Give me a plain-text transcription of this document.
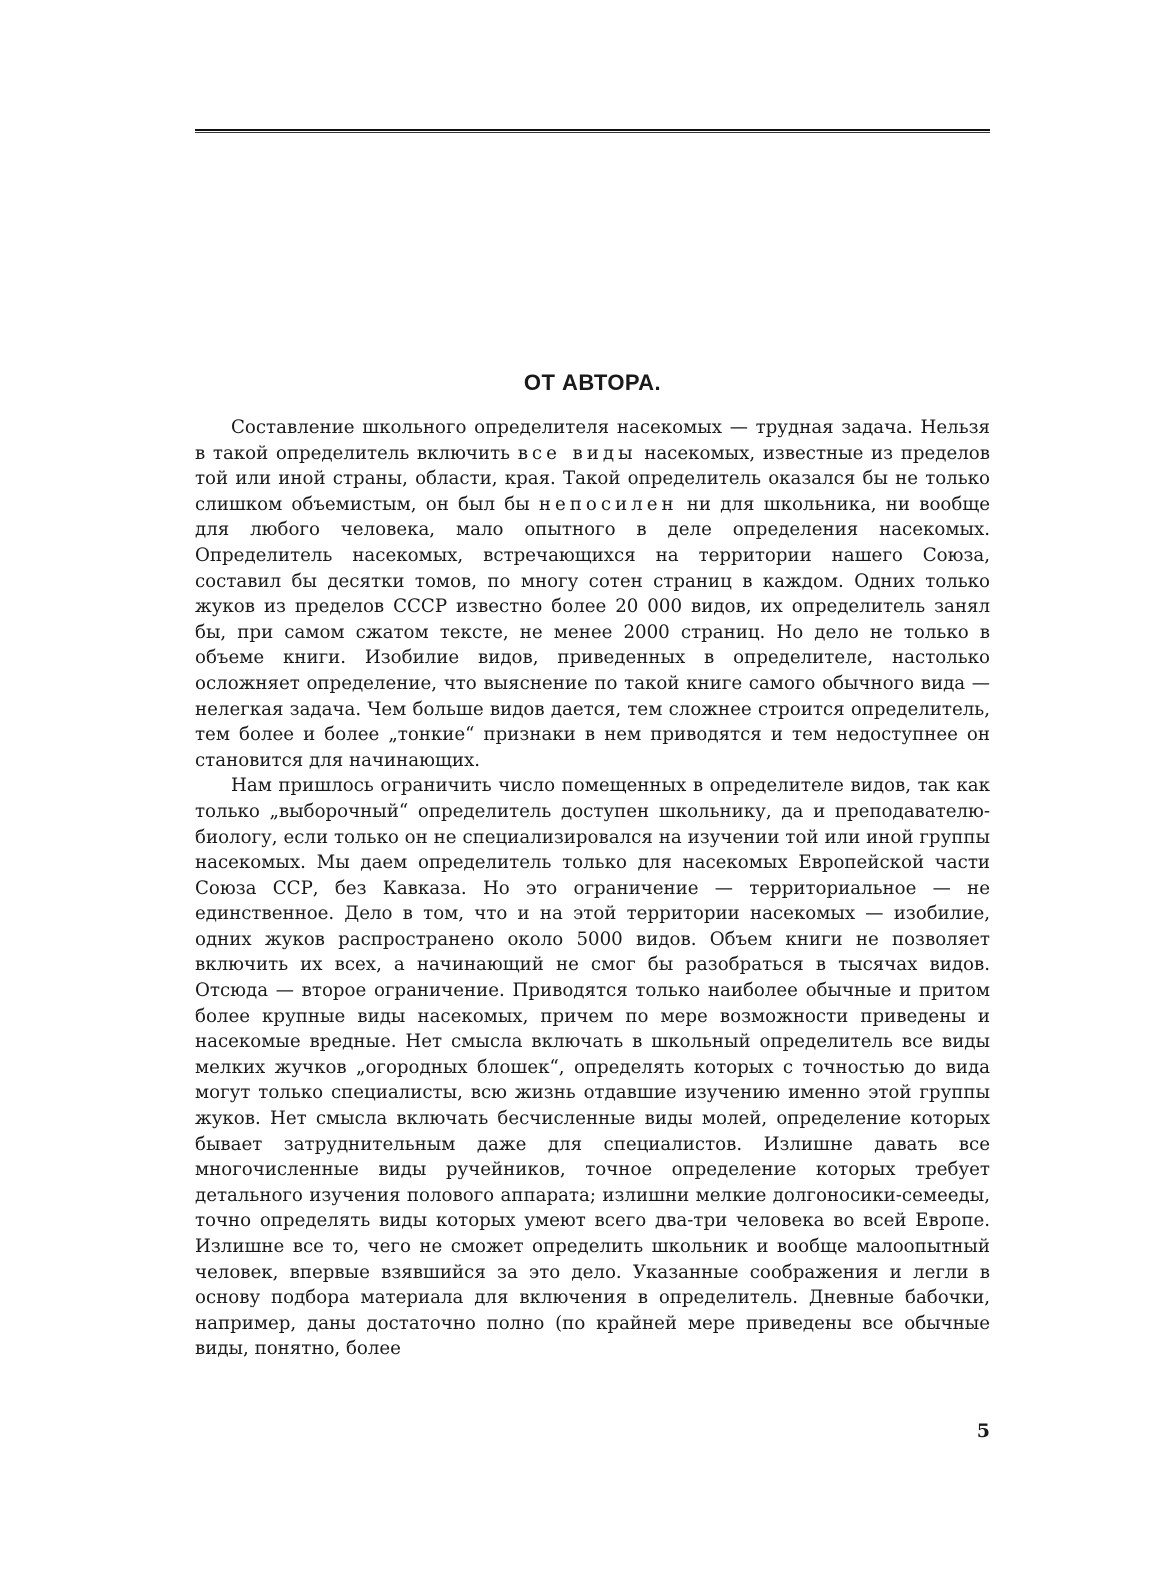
ОТ АВТОРА.

Составление школьного определителя насекомых — трудная задача. Нельзя в такой определитель включить все виды насекомых, известные из пределов той или иной страны, области, края. Такой определитель оказался бы не только слишком объемистым, он был бы непосилен ни для школьника, ни вообще для любого человека, мало опытного в деле определения насекомых. Определитель насекомых, встречающихся на территории нашего Союза, составил бы десятки томов, по многу сотен страниц в каждом. Одних только жуков из пределов СССР известно более 20 000 видов, их определитель занял бы, при самом сжатом тексте, не менее 2000 страниц. Но дело не только в объеме книги. Изобилие видов, приведенных в определителе, настолько осложняет определение, что выяснение по такой книге самого обычного вида — нелегкая задача. Чем больше видов дается, тем сложнее строится определитель, тем более и более „тонкие“ признаки в нем приводятся и тем недоступнее он становится для начинающих.

Нам пришлось ограничить число помещенных в определителе видов, так как только „выборочный“ определитель доступен школьнику, да и преподавателю-биологу, если только он не специализировался на изучении той или иной группы насекомых. Мы даем определитель только для насекомых Европейской части Союза ССР, без Кавказа. Но это ограничение — территориальное — не единственное. Дело в том, что и на этой территории насекомых — изобилие, одних жуков распространено около 5000 видов. Объем книги не позволяет включить их всех, а начинающий не смог бы разобраться в тысячах видов. Отсюда — второе ограничение. Приводятся только наиболее обычные и притом более крупные виды насекомых, причем по мере возможности приведены и насекомые вредные. Нет смысла включать в школьный определитель все виды мелких жучков „огородных блошек“, определять которых с точностью до вида могут только специалисты, всю жизнь отдавшие изучению именно этой группы жуков. Нет смысла включать бесчисленные виды молей, определение которых бывает затруднительным даже для специалистов. Излишне давать все многочисленные виды ручейников, точное определение которых требует детального изучения полового аппарата; излишни мелкие долгоносики-семееды, точно определять виды которых умеют всего два-три человека во всей Европе. Излишне все то, чего не сможет определить школьник и вообще малоопытный человек, впервые взявшийся за это дело. Указанные соображения и легли в основу подбора материала для включения в определитель. Дневные бабочки, например, даны достаточно полно (по крайней мере приведены все обычные виды, понятно, более

5
